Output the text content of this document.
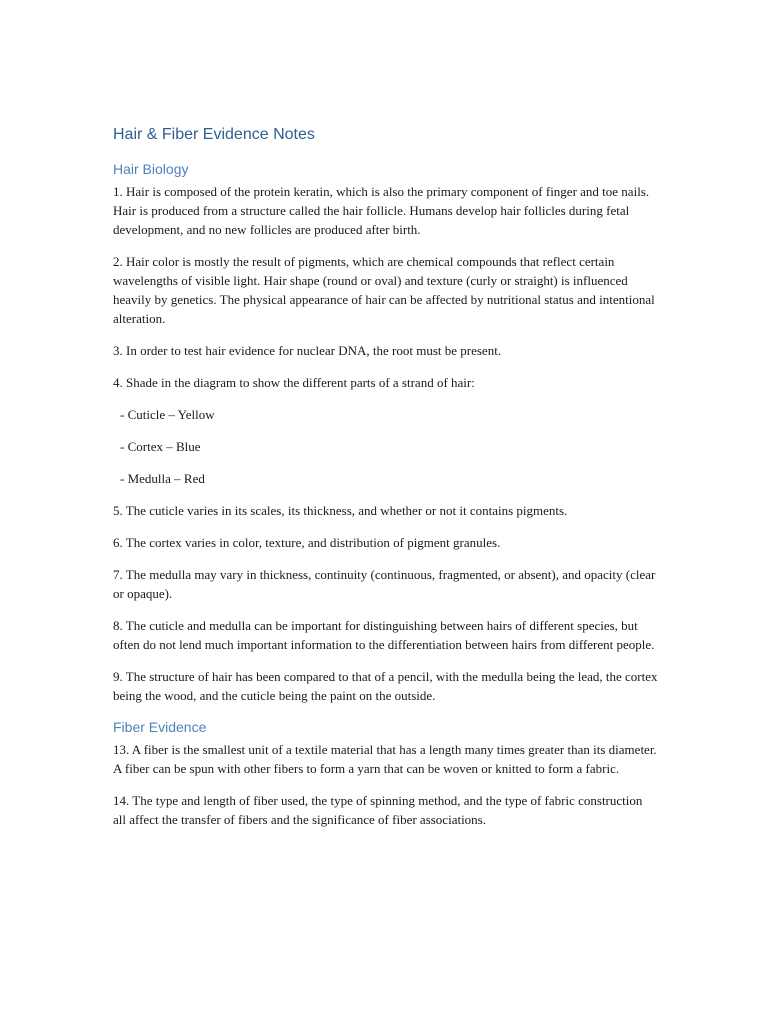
Hair & Fiber Evidence Notes
Hair Biology

1. Hair is composed of the protein keratin, which is also the primary component of finger and toe nails. Hair is produced from a structure called the hair follicle. Humans develop hair follicles during fetal development, and no new follicles are produced after birth.

2. Hair color is mostly the result of pigments, which are chemical compounds that reflect certain wavelengths of visible light. Hair shape (round or oval) and texture (curly or straight) is influenced heavily by genetics. The physical appearance of hair can be affected by nutritional status and intentional alteration.

3. In order to test hair evidence for nuclear DNA, the root must be present.

4. Shade in the diagram to show the different parts of a strand of hair:

- Cuticle – Yellow

- Cortex – Blue

- Medulla – Red

5. The cuticle varies in its scales, its thickness, and whether or not it contains pigments.

6. The cortex varies in color, texture, and distribution of pigment granules.

7. The medulla may vary in thickness, continuity (continuous, fragmented, or absent), and opacity (clear or opaque).

8. The cuticle and medulla can be important for distinguishing between hairs of different species, but often do not lend much important information to the differentiation between hairs from different people.

9. The structure of hair has been compared to that of a pencil, with the medulla being the lead, the cortex being the wood, and the cuticle being the paint on the outside.

Fiber Evidence

13. A fiber is the smallest unit of a textile material that has a length many times greater than its diameter. A fiber can be spun with other fibers to form a yarn that can be woven or knitted to form a fabric.

14. The type and length of fiber used, the type of spinning method, and the type of fabric construction all affect the transfer of fibers and the significance of fiber associations.
